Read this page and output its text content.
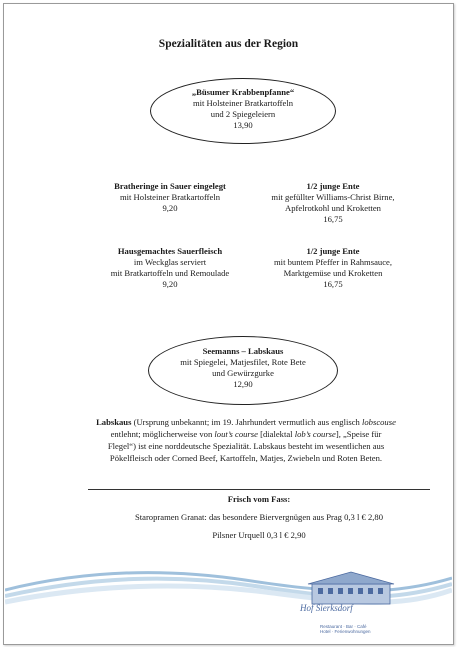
Spezialitäten aus der Region
„Büsumer Krabbenpfanne“
mit Holsteiner Bratkartoffeln
und 2 Spiegeleiern
13,90
Bratheringe in Sauer eingelegt
mit Holsteiner Bratkartoffeln
9,20
Hausgemachtes Sauerfleisch
im Weckglas serviert
mit Bratkartoffeln und Remoulade
9,20
1/2 junge Ente
mit gefüllter Williams-Christ Birne,
Apfelrotkohl und Kroketten
16,75
1/2 junge Ente
mit buntem Pfeffer in Rahmsauce,
Marktgemüse und Kroketten
16,75
Seemanns – Labskaus
mit Spiegelei, Matjesfilet, Rote Bete
und Gewürzgurke
12,90
Labskaus (Ursprung unbekannt; im 19. Jahrhundert vermutlich aus englisch lobscouse entlehnt; möglicherweise von lout’s course [dialektal lob’s course], „Speise für Flegel“) ist eine norddeutsche Spezialität. Labskaus besteht im wesentlichen aus Pökelfleisch oder Corned Beef, Kartoffeln, Matjes, Zwiebeln und Roten Beten.
Frisch vom Fass:
Staropramen Granat: das besondere Biervergnügen aus Prag 0,3 l € 2,80
Pilsner Urquell 0,3 l € 2,90
Hof Sierksdorf
Restaurant · Bar · Café
Hotel · Ferienwohnungen
